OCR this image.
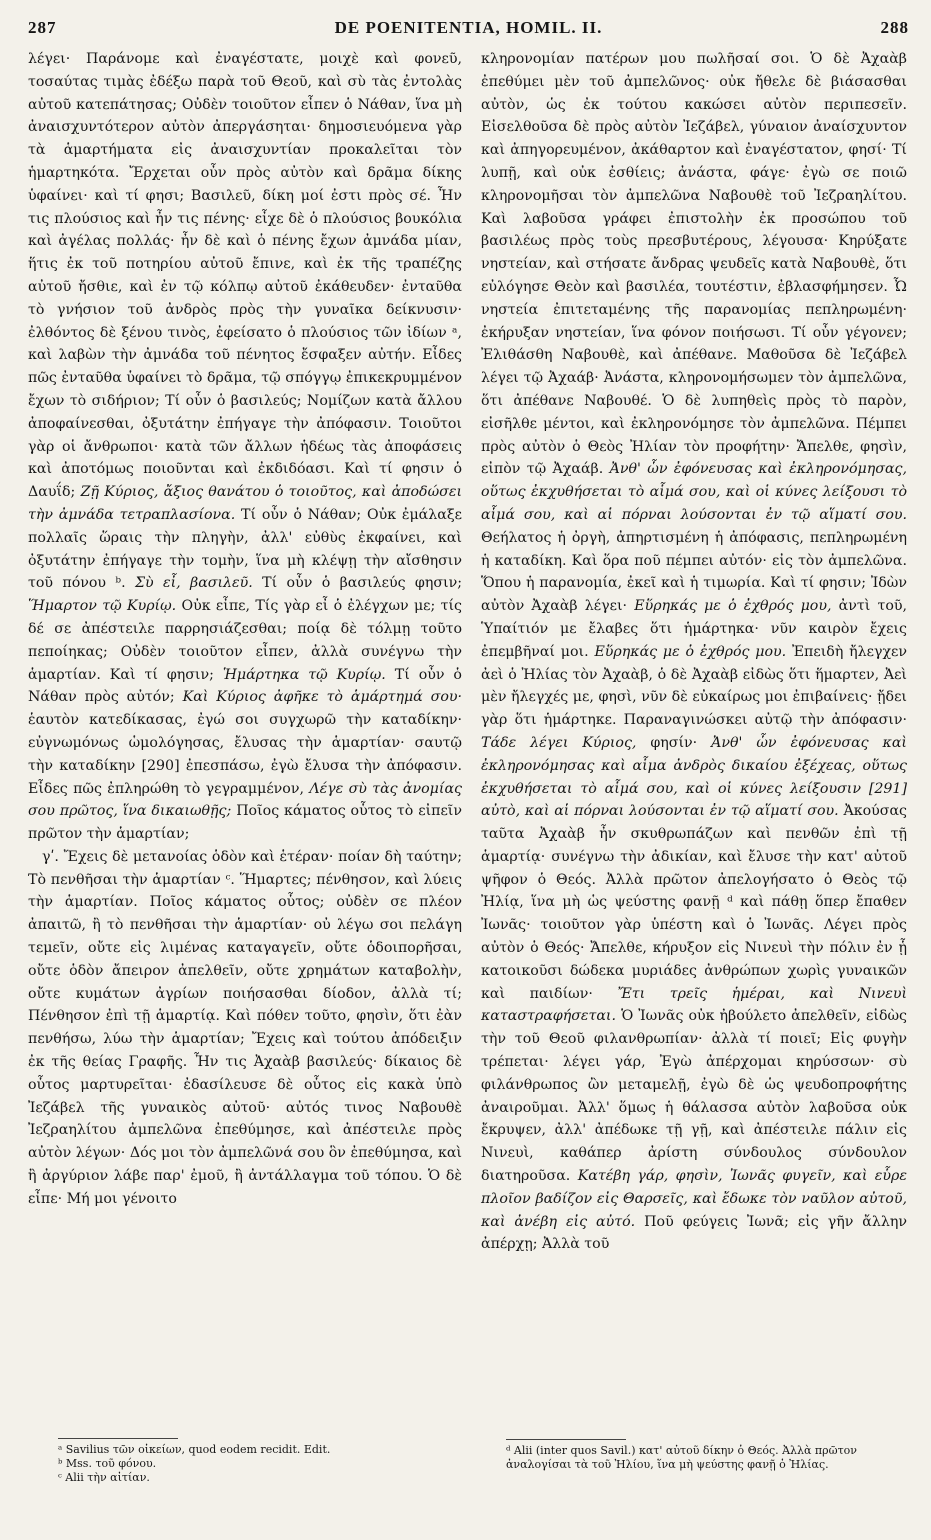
287	DE POENITENTIA, HOMIL. II.	288

λέγει· Παράνομε καὶ ἐναγέστατε, μοιχὲ καὶ φονεῦ, τοσαύτας τιμὰς ἐδέξω παρὰ τοῦ Θεοῦ, καὶ σὺ τὰς ἐντολὰς αὐτοῦ κατεπάτησας; Οὐδὲν τοιοῦτον εἶπεν ὁ Νάθαν, ἵνα μὴ ἀναισχυντότερον αὐτὸν ἀπεργάσηται· δημοσιευόμενα γὰρ τὰ ἁμαρτήματα εἰς ἀναισχυντίαν προκαλεῖται τὸν ἡμαρτηκότα. Ἔρχεται οὖν πρὸς αὐτὸν καὶ δρᾶμα δίκης ὑφαίνει· καὶ τί φησι; Βασιλεῦ, δίκη μοί ἐστι πρὸς σέ. Ἦν τις πλούσιος καὶ ἦν τις πένης· εἶχε δὲ ὁ πλούσιος βουκόλια καὶ ἀγέλας πολλάς· ἦν δὲ καὶ ὁ πένης ἔχων ἀμνάδα μίαν, ἥτις ἐκ τοῦ ποτηρίου αὐτοῦ ἔπινε, καὶ ἐκ τῆς τραπέζης αὐτοῦ ἤσθιε, καὶ ἐν τῷ κόλπῳ αὐτοῦ ἐκάθευδεν· ἐνταῦθα τὸ γνήσιον τοῦ ἀνδρὸς πρὸς τὴν γυναῖκα δείκνυσιν· ἐλθόντος δὲ ξένου τινὸς, ἐφείσατο ὁ πλούσιος τῶν ἰδίων ᵃ, καὶ λαβὼν τὴν ἀμνάδα τοῦ πένητος ἔσφαξεν αὐτήν. Εἶδες πῶς ἐνταῦθα ὑφαίνει τὸ δρᾶμα, τῷ σπόγγῳ ἐπικεκρυμμένον ἔχων τὸ σιδήριον; Τί οὖν ὁ βασιλεύς; Νομίζων κατὰ ἄλλου ἀποφαίνεσθαι, ὀξυτάτην ἐπήγαγε τὴν ἀπόφασιν. Τοιοῦτοι γὰρ οἱ ἄνθρωποι· κατὰ τῶν ἄλλων ἡδέως τὰς ἀποφάσεις καὶ ἀποτόμως ποιοῦνται καὶ ἐκδιδόασι. Καὶ τί φησιν ὁ Δαυΐδ; Ζῇ Κύριος, ἄξιος θανάτου ὁ τοιοῦτος, καὶ ἀποδώσει τὴν ἀμνάδα τετραπλασίονα. Τί οὖν ὁ Νάθαν; Οὐκ ἐμάλαξε πολλαῖς ὥραις τὴν πληγὴν, ἀλλ' εὐθὺς ἐκφαίνει, καὶ ὀξυτάτην ἐπήγαγε τὴν τομὴν, ἵνα μὴ κλέψῃ τὴν αἴσθησιν τοῦ πόνου ᵇ. Σὺ εἶ, βασιλεῦ. Τί οὖν ὁ βασιλεύς φησιν; Ἥμαρτον τῷ Κυρίῳ. Οὐκ εἶπε, Τίς γὰρ εἶ ὁ ἐλέγχων με; τίς δέ σε ἀπέστειλε παρρησιάζεσθαι; ποίᾳ δὲ τόλμῃ τοῦτο πεποίηκας; Οὐδὲν τοιοῦτον εἶπεν, ἀλλὰ συνέγνω τὴν ἁμαρτίαν. Καὶ τί φησιν; Ἡμάρτηκα τῷ Κυρίῳ. Τί οὖν ὁ Νάθαν πρὸς αὐτόν; Καὶ Κύριος ἀφῆκε τὸ ἁμάρτημά σου· ἑαυτὸν κατεδίκασας, ἐγώ σοι συγχωρῶ τὴν καταδίκην· εὐγνωμόνως ὡμολόγησας, ἔλυσας τὴν ἁμαρτίαν· σαυτῷ τὴν καταδίκην [290] ἐπεσπάσω, ἐγὼ ἔλυσα τὴν ἀπόφασιν. Εἶδες πῶς ἐπληρώθη τὸ γεγραμμένον, Λέγε σὺ τὰς ἀνομίας σου πρῶτος, ἵνα δικαιωθῇς; Ποῖος κάματος οὗτος τὸ εἰπεῖν πρῶτον τὴν ἁμαρτίαν;

γʹ. Ἔχεις δὲ μετανοίας ὁδὸν καὶ ἑτέραν· ποίαν δὴ ταύτην; Τὸ πενθῆσαι τὴν ἁμαρτίαν ᶜ. Ἥμαρτες; πένθησον, καὶ λύεις τὴν ἁμαρτίαν. Ποῖος κάματος οὗτος; οὐδὲν σε πλέον ἀπαιτῶ, ἢ τὸ πενθῆσαι τὴν ἁμαρτίαν· οὐ λέγω σοι πελάγη τεμεῖν, οὔτε εἰς λιμένας καταγαγεῖν, οὔτε ὁδοιπορῆσαι, οὔτε ὁδὸν ἄπειρον ἀπελθεῖν, οὔτε χρημάτων καταβολὴν, οὔτε κυμάτων ἀγρίων ποιήσασθαι δίοδον, ἀλλὰ τί; Πένθησον ἐπὶ τῇ ἁμαρτίᾳ. Καὶ πόθεν τοῦτο, φησὶν, ὅτι ἐὰν πενθήσω, λύω τὴν ἁμαρτίαν; Ἔχεις καὶ τούτου ἀπόδειξιν ἐκ τῆς θείας Γραφῆς. Ἦν τις Ἀχαὰβ βασιλεύς· δίκαιος δὲ οὗτος μαρτυρεῖται· ἐδασίλευσε δὲ οὗτος εἰς κακὰ ὑπὸ Ἰεζάβελ τῆς γυναικὸς αὐτοῦ· αὐτός τινος Ναβουθὲ Ἰεζραηλίτου ἀμπελῶνα ἐπεθύμησε, καὶ ἀπέστειλε πρὸς αὐτὸν λέγων· Δός μοι τὸν ἀμπελῶνά σου ὃν ἐπεθύμησα, καὶ ἢ ἀργύριον λάβε παρ' ἐμοῦ, ἢ ἀντάλλαγμα τοῦ τόπου. Ὁ δὲ εἶπε· Μή μοι γένοιτο

κληρονομίαν πατέρων μου πωλῆσαί σοι. Ὁ δὲ Ἀχαὰβ ἐπεθύμει μὲν τοῦ ἀμπελῶνος· οὐκ ἤθελε δὲ βιάσασθαι αὐτὸν, ὡς ἐκ τούτου κακώσει αὐτὸν περιπεσεῖν. Εἰσελθοῦσα δὲ πρὸς αὐτὸν Ἰεζάβελ, γύναιον ἀναίσχυντον καὶ ἀπηγορευμένον, ἀκάθαρτον καὶ ἐναγέστατον, φησί· Τί λυπῇ, καὶ οὐκ ἐσθίεις; ἀνάστα, φάγε· ἐγὼ σε ποιῶ κληρονομῆσαι τὸν ἀμπελῶνα Ναβουθὲ τοῦ Ἰεζραηλίτου. Καὶ λαβοῦσα γράφει ἐπιστολὴν ἐκ προσώπου τοῦ βασιλέως πρὸς τοὺς πρεσβυτέρους, λέγουσα· Κηρύξατε νηστείαν, καὶ στήσατε ἄνδρας ψευδεῖς κατὰ Ναβουθὲ, ὅτι εὐλόγησε Θεὸν καὶ βασιλέα, τουτέστιν, ἐβλασφήμησεν. Ὦ νηστεία ἐπιτεταμένης τῆς παρανομίας πεπληρωμένη· ἐκήρυξαν νηστείαν, ἵνα φόνον ποιήσωσι. Τί οὖν γέγονεν; Ἐλιθάσθη Ναβουθὲ, καὶ ἀπέθανε. Μαθοῦσα δὲ Ἰεζάβελ λέγει τῷ Ἀχαάβ· Ἀνάστα, κληρονομήσωμεν τὸν ἀμπελῶνα, ὅτι ἀπέθανε Ναβουθέ. Ὁ δὲ λυπηθεὶς πρὸς τὸ παρὸν, εἰσῆλθε μέντοι, καὶ ἐκληρονόμησε τὸν ἀμπελῶνα. Πέμπει πρὸς αὐτὸν ὁ Θεὸς Ἠλίαν τὸν προφήτην· Ἄπελθε, φησὶν, εἰπὸν τῷ Ἀχαάβ. Ἀνθ' ὧν ἐφόνευσας καὶ ἐκληρονόμησας, οὕτως ἐκχυθήσεται τὸ αἷμά σου, καὶ οἱ κύνες λείξουσι τὸ αἷμά σου, καὶ αἱ πόρναι λούσονται ἐν τῷ αἵματί σου. Θεήλατος ἡ ὀργὴ, ἀπηρτισμένη ἡ ἀπόφασις, πεπληρωμένη ἡ καταδίκη. Καὶ ὅρα ποῦ πέμπει αὐτόν· εἰς τὸν ἀμπελῶνα. Ὅπου ἡ παρανομία, ἐκεῖ καὶ ἡ τιμωρία. Καὶ τί φησιν; Ἰδὼν αὐτὸν Ἀχαὰβ λέγει· Εὕρηκάς με ὁ ἐχθρός μου, ἀντὶ τοῦ, Ὑπαίτιόν με ἔλαβες ὅτι ἡμάρτηκα· νῦν καιρὸν ἔχεις ἐπεμβῆναί μοι. Εὕρηκάς με ὁ ἐχθρός μου. Ἐπειδὴ ἤλεγχεν ἀεὶ ὁ Ἠλίας τὸν Ἀχαὰβ, ὁ δὲ Ἀχαὰβ εἰδὼς ὅτι ἥμαρτεν, Ἀεὶ μὲν ἤλεγχές με, φησὶ, νῦν δὲ εὐκαίρως μοι ἐπιβαίνεις· ᾔδει γὰρ ὅτι ἡμάρτηκε. Παραναγινώσκει αὐτῷ τὴν ἀπόφασιν· Τάδε λέγει Κύριος, φησίν· Ἀνθ' ὧν ἐφόνευσας καὶ ἐκληρονόμησας καὶ αἷμα ἀνδρὸς δικαίου ἐξέχεας, οὕτως ἐκχυθήσεται τὸ αἷμά σου, καὶ οἱ κύνες λείξουσιν [291] αὐτὸ, καὶ αἱ πόρναι λούσονται ἐν τῷ αἵματί σου. Ἀκούσας ταῦτα Ἀχαὰβ ἦν σκυθρωπάζων καὶ πενθῶν ἐπὶ τῇ ἁμαρτίᾳ· συνέγνω τὴν ἀδικίαν, καὶ ἔλυσε τὴν κατ' αὐτοῦ ψῆφον ὁ Θεός. Ἀλλὰ πρῶτον ἀπελογήσατο ὁ Θεὸς τῷ Ἠλίᾳ, ἵνα μὴ ὡς ψεύστης φανῇ ᵈ καὶ πάθῃ ὅπερ ἔπαθεν Ἰωνᾶς· τοιοῦτον γὰρ ὑπέστη καὶ ὁ Ἰωνᾶς. Λέγει πρὸς αὐτὸν ὁ Θεός· Ἄπελθε, κήρυξον εἰς Νινευὶ τὴν πόλιν ἐν ᾗ κατοικοῦσι δώδεκα μυριάδες ἀνθρώπων χωρὶς γυναικῶν καὶ παιδίων· Ἔτι τρεῖς ἡμέραι, καὶ Νινευὶ καταστραφήσεται. Ὁ Ἰωνᾶς οὐκ ἠβούλετο ἀπελθεῖν, εἰδὼς τὴν τοῦ Θεοῦ φιλανθρωπίαν· ἀλλὰ τί ποιεῖ; Εἰς φυγὴν τρέπεται· λέγει γάρ, Ἐγὼ ἀπέρχομαι κηρύσσων· σὺ φιλάνθρωπος ὢν μεταμελῇ, ἐγὼ δὲ ὡς ψευδοπροφήτης ἀναιροῦμαι. Ἀλλ' ὅμως ἡ θάλασσα αὐτὸν λαβοῦσα οὐκ ἔκρυψεν, ἀλλ' ἀπέδωκε τῇ γῇ, καὶ ἀπέστειλε πάλιν εἰς Νινευὶ, καθάπερ ἀρίστη σύνδουλος σύνδουλον διατηροῦσα. Κατέβη γάρ, φησὶν, Ἰωνᾶς φυγεῖν, καὶ εὗρε πλοῖον βαδίζον εἰς Θαρσεῖς, καὶ ἔδωκε τὸν ναῦλον αὐτοῦ, καὶ ἀνέβη εἰς αὐτό. Ποῦ φεύγεις Ἰωνᾶ; εἰς γῆν ἄλλην ἀπέρχῃ; Ἀλλὰ τοῦ

ᵃ Savilius τῶν οἰκείων, quod eodem recidit. Edit.
ᵇ Mss. τοῦ φόνου.
ᶜ Alii τὴν αἰτίαν.
ᵈ Alii (inter quos Savil.) κατ' αὐτοῦ δίκην ὁ Θεός. Ἀλλὰ πρῶτον ἀναλογίσαι τὰ τοῦ Ἠλίου, ἵνα μὴ ψεύστης φανῇ ὁ Ἠλίας.
